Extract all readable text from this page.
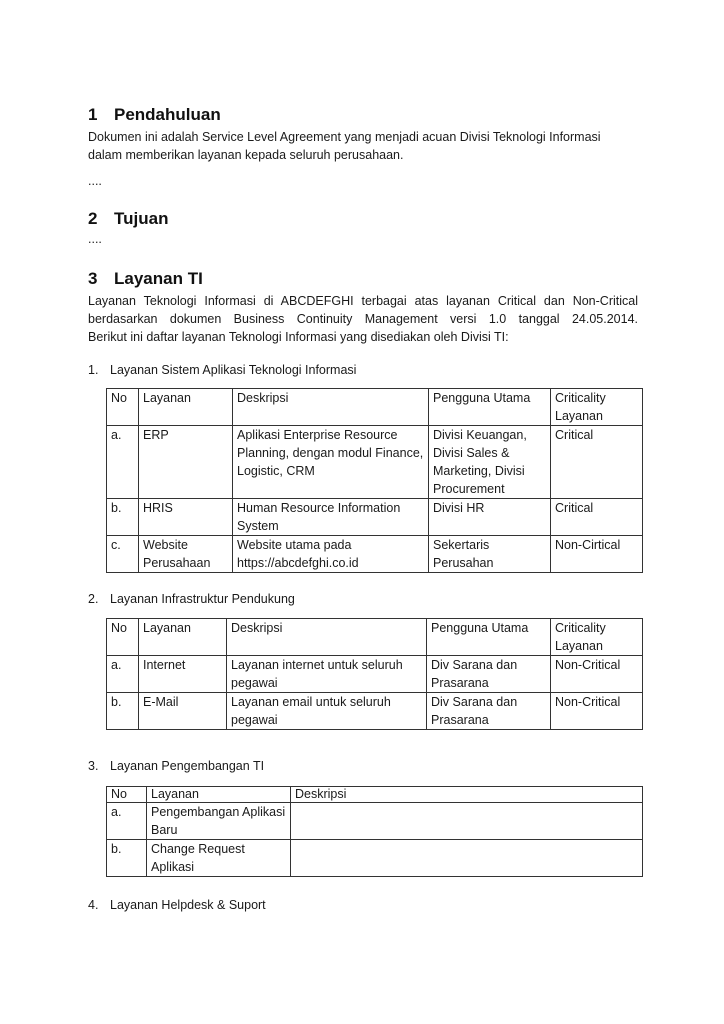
1 Pendahuluan

Dokumen ini adalah Service Level Agreement yang menjadi acuan Divisi Teknologi Informasi

dalam memberikan layanan kepada seluruh perusahaan.

....

2 Tujuan

....

3 Layanan TI

Layanan Teknologi Informasi di ABCDEFGHI terbagai atas layanan Critical dan Non-Critical

berdasarkan dokumen Business Continuity Management versi 1.0 tanggal 24.05.2014.

Berikut ini daftar layanan Teknologi Informasi yang disediakan oleh Divisi TI:

1. Layanan Sistem Aplikasi Teknologi Informasi

No	Layanan	Deskripsi	Pengguna Utama	Criticality Layanan
a.	ERP	Aplikasi Enterprise Resource Planning, dengan modul Finance, Logistic, CRM	Divisi Keuangan, Divisi Sales & Marketing, Divisi Procurement	Critical
b.	HRIS	Human Resource Information System	Divisi HR	Critical
c.	Website Perusahaan	Website utama pada https://abcdefghi.co.id	Sekertaris Perusahan	Non-Cirtical

2. Layanan Infrastruktur Pendukung

No	Layanan	Deskripsi	Pengguna Utama	Criticality Layanan
a.	Internet	Layanan internet untuk seluruh pegawai	Div Sarana dan Prasarana	Non-Critical
b.	E-Mail	Layanan email untuk seluruh pegawai	Div Sarana dan Prasarana	Non-Critical

3. Layanan Pengembangan TI

No	Layanan	Deskripsi
a.	Pengembangan Aplikasi Baru	
b.	Change Request Aplikasi	

4. Layanan Helpdesk & Suport
